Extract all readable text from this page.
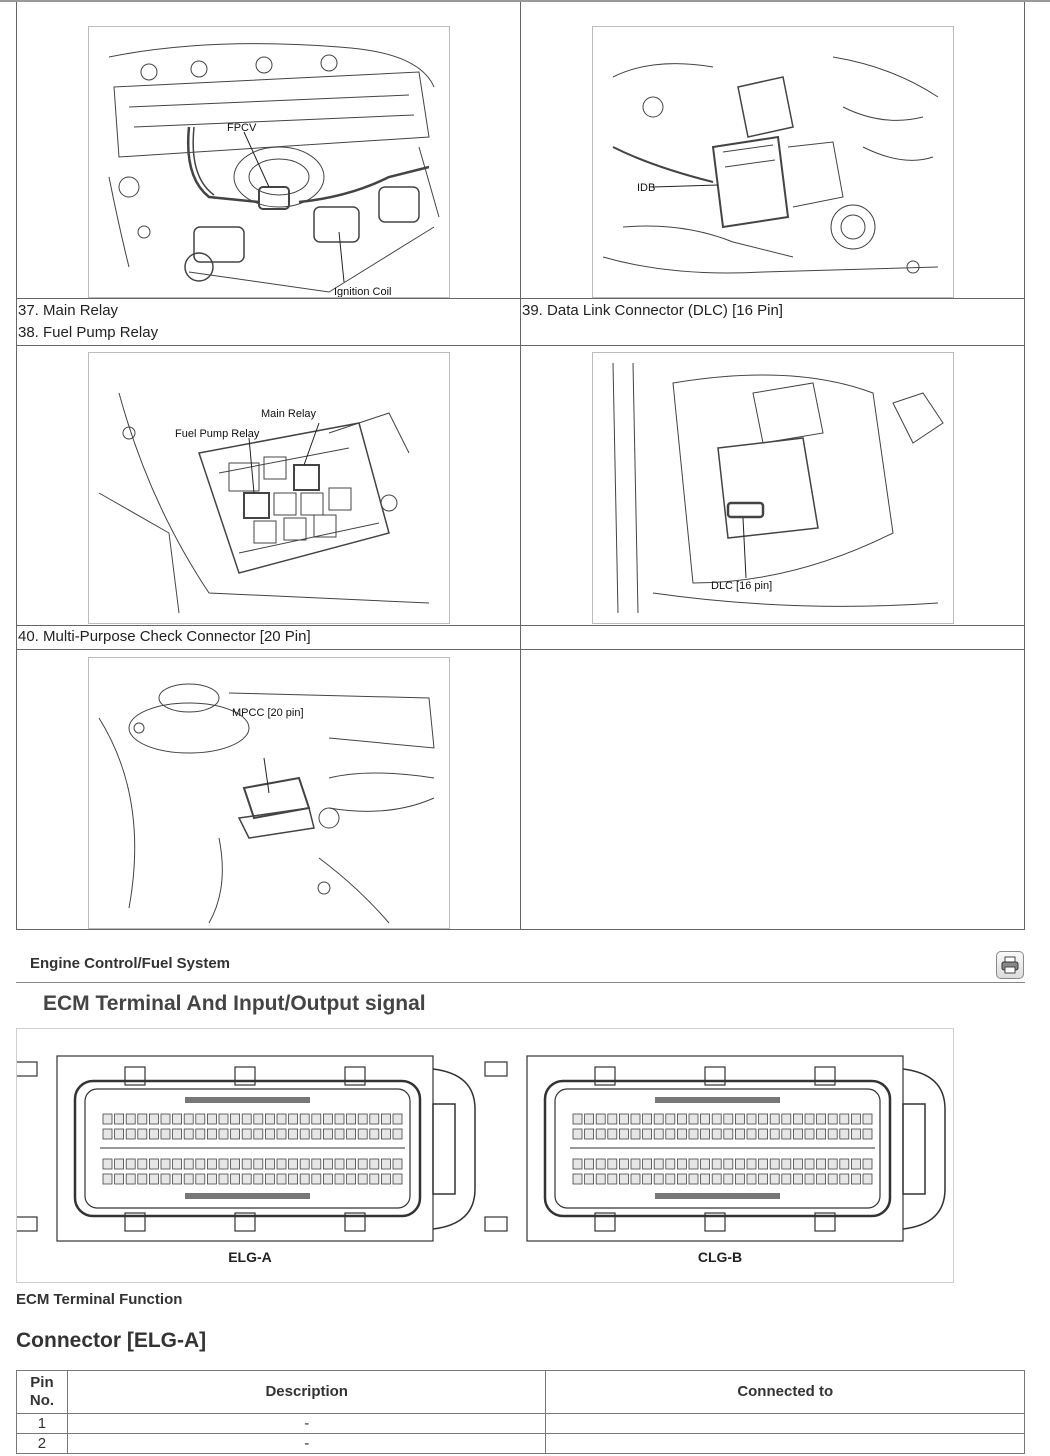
FPCV
Ignition Coil
IDB
37. Main Relay
38. Fuel Pump Relay
39. Data Link Connector (DLC) [16 Pin]
Main Relay
Fuel Pump Relay
DLC [16 pin]
40. Multi-Purpose Check Connector [20 Pin]
MPCC [20 pin]
Engine Control/Fuel System
ECM Terminal And Input/Output signal
ELG-A	CLG-B
ECM Terminal Function
Connector [ELG-A]
Pin No.	Description	Connected to
1	-	
2	-	
